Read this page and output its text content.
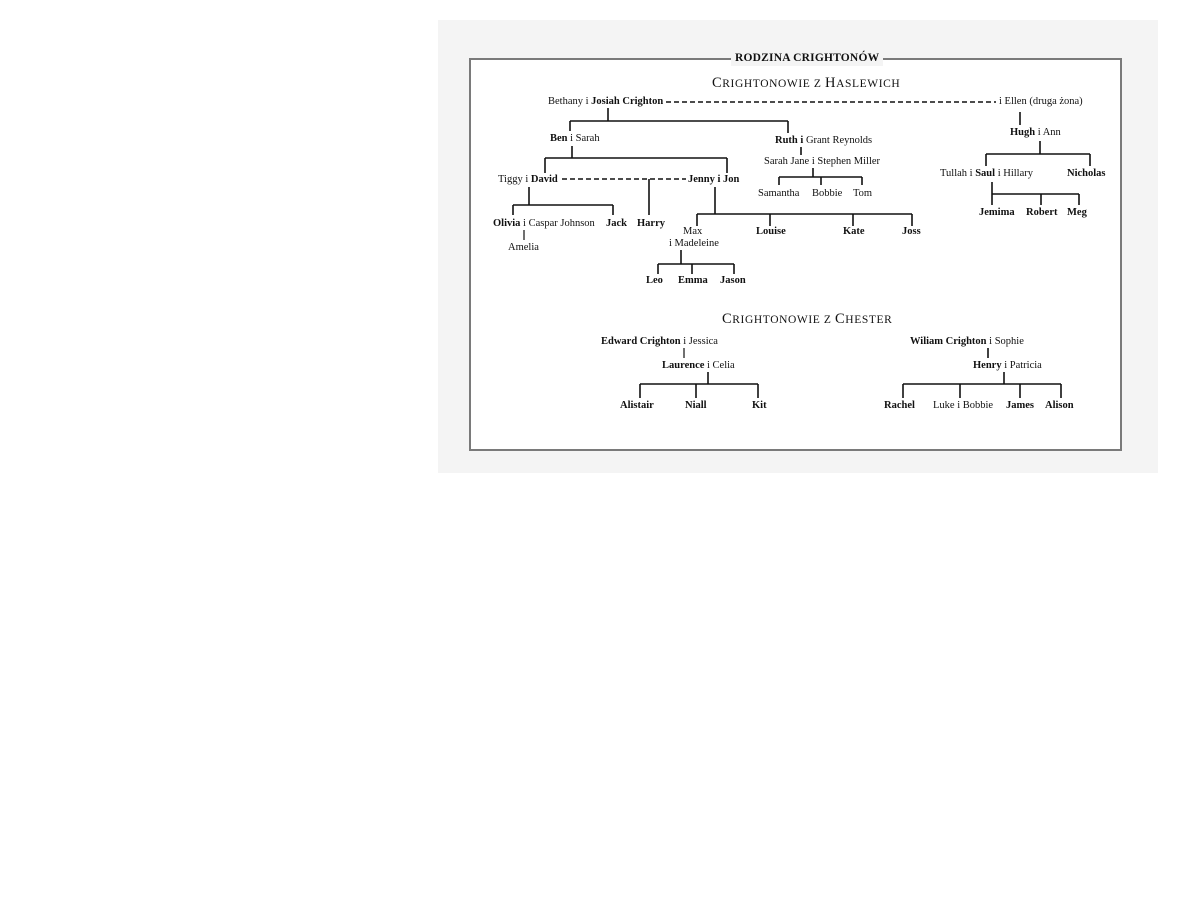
RODZINA CRIGHTONÓW
CRIGHTONOWIE Z HASLEWICH
Bethany i Josiah Crighton	i Ellen (druga żona)
Ben i Sarah	Ruth i Grant Reynolds
Sarah Jane i Stephen Miller
Samantha Bobbie Tom
Hugh i Ann
Tullah i Saul i Hillary	Nicholas
Jemima Robert Meg
Tiggy i David	Jenny i Jon
Olivia i Caspar Johnson Jack Harry
Amelia
Max
i Madeleine
Louise	Kate	Joss
Leo Emma Jason
CRIGHTONOWIE Z CHESTER
Edward Crighton i Jessica
Laurence i Celia
Alistair	Niall	Kit
Wiliam Crighton i Sophie
Henry i Patricia
Rachel Luke i Bobbie James Alison
